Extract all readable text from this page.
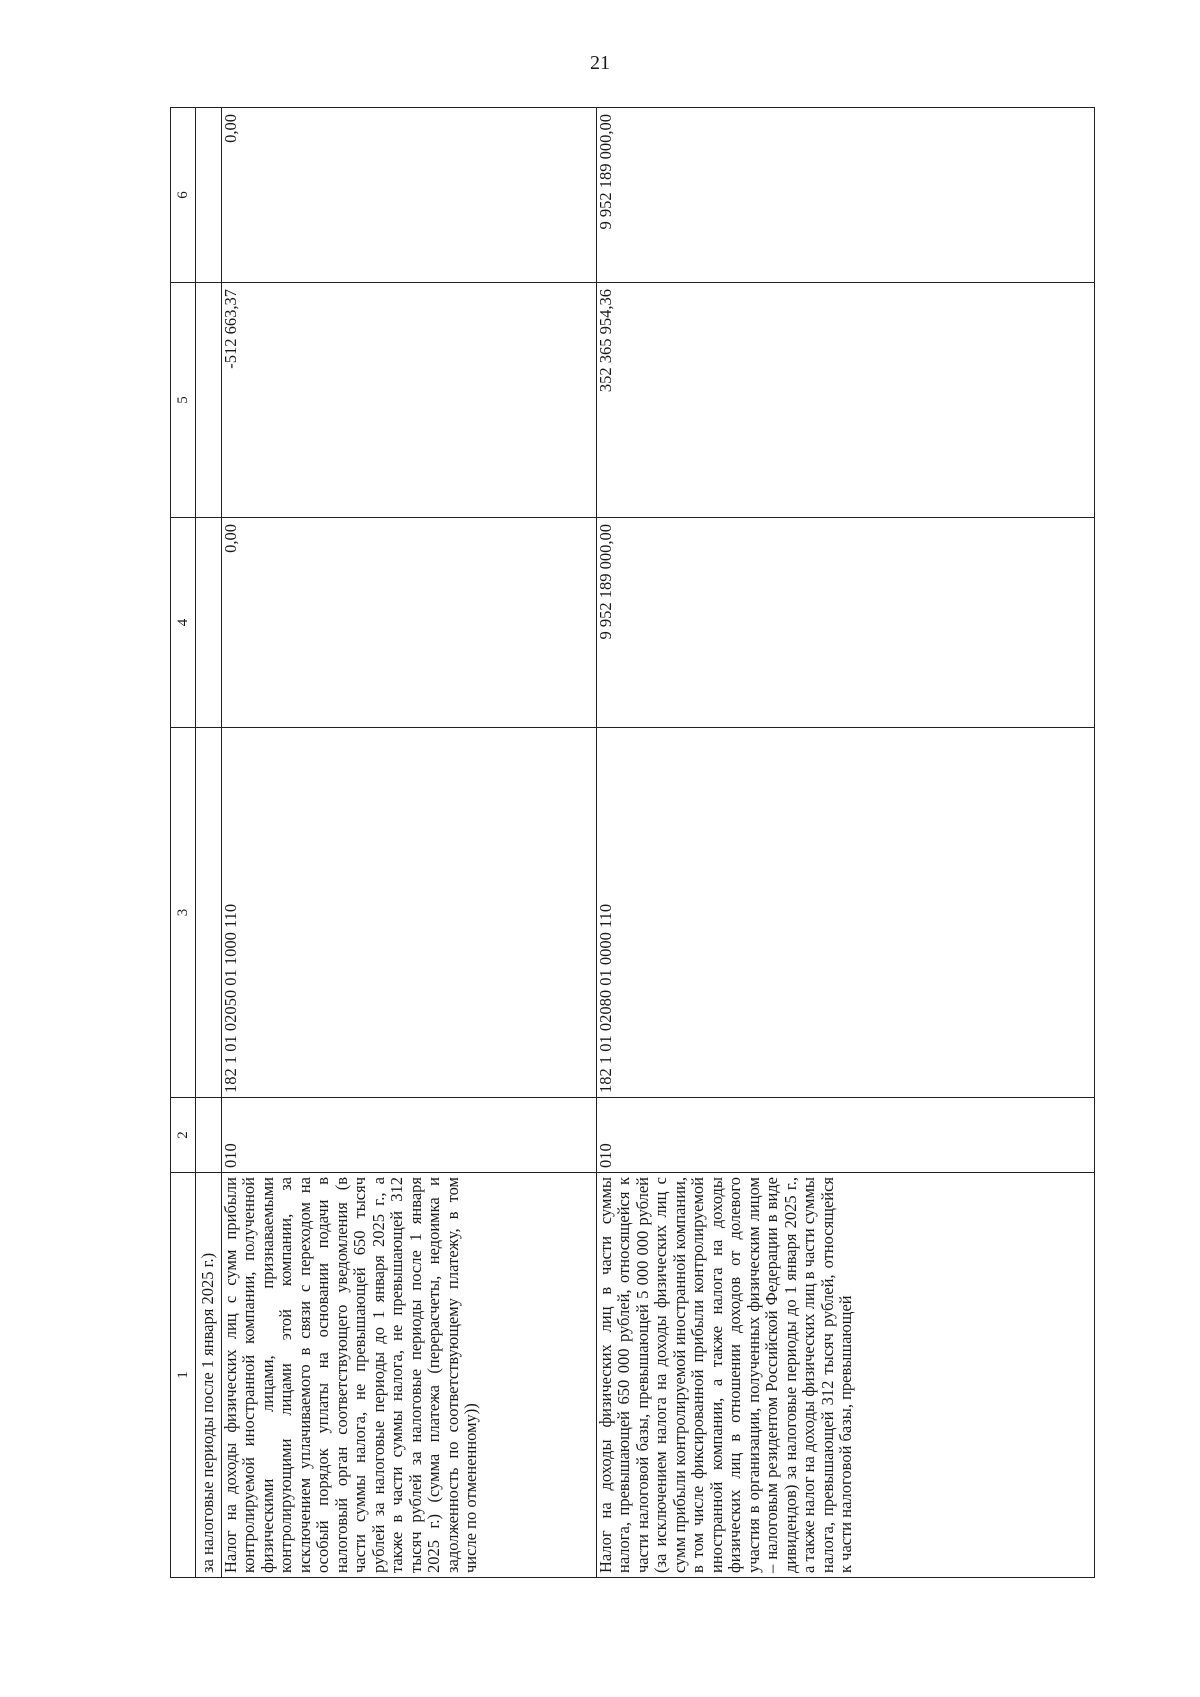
21
1	2	3	4	5	6
за налоговые периоды после 1 января 2025 г.)					
Налог на доходы физических лиц с сумм прибыли контролируемой иностранной компании, полученной физическими лицами, признаваемыми контролирующими лицами этой компании, за исключением уплачиваемого в связи с переходом на особый порядок уплаты на основании подачи в налоговый орган соответствующего уведомления (в части суммы налога, не превышающей 650 тысяч рублей за налоговые периоды до 1 января 2025 г., а также в части суммы налога, не превышающей 312 тысяч рублей за налоговые периоды после 1 января 2025 г.) (сумма платежа (перерасчеты, недоимка и задолженность по соответствующему платежу, в том числе по отмененному))	010	182 1 01 02050 01 1000 110	0,00	-512 663,37	0,00
Налог на доходы физических лиц в части суммы налога, превышающей 650 000 рублей, относящейся к части налоговой базы, превышающей 5 000 000 рублей (за исключением налога на доходы физических лиц с сумм прибыли контролируемой иностранной компании, в том числе фиксированной прибыли контролируемой иностранной компании, а также налога на доходы физических лиц в отношении доходов от долевого участия в организации, полученных физическим лицом – налоговым резидентом Российской Федерации в виде дивидендов) за налоговые периоды до 1 января 2025 г., а также налог на доходы физических лиц в части суммы налога, превышающей 312 тысяч рублей, относящейся к части налоговой базы, превышающей	010	182 1 01 02080 01 0000 110	9 952 189 000,00	352 365 954,36	9 952 189 000,00
